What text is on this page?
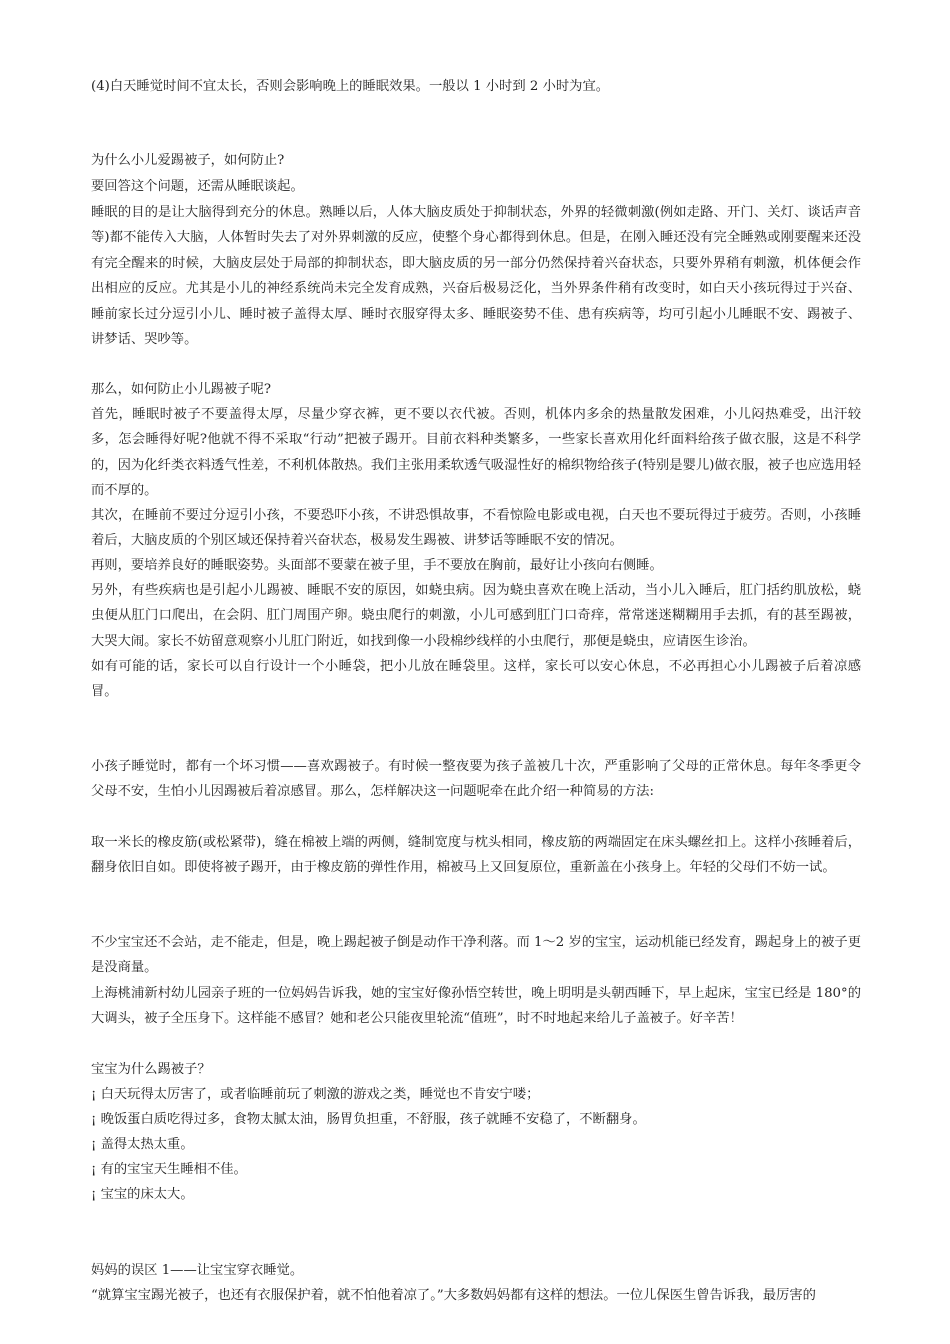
(4)白天睡觉时间不宜太长，否则会影响晚上的睡眠效果。一般以 1 小时到 2 小时为宜。

为什么小儿爱踢被子，如何防止?

要回答这个问题，还需从睡眠谈起。

睡眠的目的是让大脑得到充分的休息。熟睡以后，人体大脑皮质处于抑制状态，外界的轻微刺激(例如走路、开门、关灯、谈话声音等)都不能传入大脑，人体暂时失去了对外界刺激的反应，使整个身心都得到休息。但是，在刚入睡还没有完全睡熟或刚要醒来还没有完全醒来的时候，大脑皮层处于局部的抑制状态，即大脑皮质的另一部分仍然保持着兴奋状态，只要外界稍有刺激，机体便会作出相应的反应。尤其是小儿的神经系统尚未完全发育成熟，兴奋后极易泛化，当外界条件稍有改变时，如白天小孩玩得过于兴奋、睡前家长过分逗引小儿、睡时被子盖得太厚、睡时衣服穿得太多、睡眠姿势不佳、患有疾病等，均可引起小儿睡眠不安、踢被子、讲梦话、哭吵等。

那么，如何防止小儿踢被子呢?

首先，睡眠时被子不要盖得太厚，尽量少穿衣裤，更不要以衣代被。否则，机体内多余的热量散发困难，小儿闷热难受，出汗较多，怎会睡得好呢?他就不得不采取“行动”把被子踢开。目前衣料种类繁多，一些家长喜欢用化纤面料给孩子做衣服，这是不科学的，因为化纤类衣料透气性差，不利机体散热。我们主张用柔软透气吸湿性好的棉织物给孩子(特别是婴儿)做衣服，被子也应选用轻而不厚的。

其次，在睡前不要过分逗引小孩，不要恐吓小孩，不讲恐惧故事，不看惊险电影或电视，白天也不要玩得过于疲劳。否则，小孩睡着后，大脑皮质的个别区域还保持着兴奋状态，极易发生踢被、讲梦话等睡眠不安的情况。

再则，要培养良好的睡眠姿势。头面部不要蒙在被子里，手不要放在胸前，最好让小孩向右侧睡。

另外，有些疾病也是引起小儿踢被、睡眠不安的原因，如蛲虫病。因为蛲虫喜欢在晚上活动，当小儿入睡后，肛门括约肌放松，蛲虫便从肛门口爬出，在会阴、肛门周围产卵。蛲虫爬行的刺激，小儿可感到肛门口奇痒，常常迷迷糊糊用手去抓，有的甚至踢被，大哭大闹。家长不妨留意观察小儿肛门附近，如找到像一小段棉纱线样的小虫爬行，那便是蛲虫，应请医生诊治。

如有可能的话，家长可以自行设计一个小睡袋，把小儿放在睡袋里。这样，家长可以安心休息，不必再担心小儿踢被子后着凉感冒。

小孩子睡觉时，都有一个坏习惯——喜欢踢被子。有时候一整夜要为孩子盖被几十次，严重影响了父母的正常休息。每年冬季更令父母不安，生怕小儿因踢被后着凉感冒。那么，怎样解决这一问题呢牵在此介绍一种简易的方法:

取一米长的橡皮筋(或松紧带)，缝在棉被上端的两侧，缝制宽度与枕头相同，橡皮筋的两端固定在床头螺丝扣上。这样小孩睡着后，翻身依旧自如。即使将被子踢开，由于橡皮筋的弹性作用，棉被马上又回复原位，重新盖在小孩身上。年轻的父母们不妨一试。

不少宝宝还不会站，走不能走，但是，晚上踢起被子倒是动作干净利落。而 1～2 岁的宝宝，运动机能已经发育，踢起身上的被子更是没商量。

上海桃浦新村幼儿园亲子班的一位妈妈告诉我，她的宝宝好像孙悟空转世，晚上明明是头朝西睡下，早上起床，宝宝已经是 180°的大调头，被子全压身下。这样能不感冒？她和老公只能夜里轮流“值班”，时不时地起来给儿子盖被子。好辛苦！

宝宝为什么踢被子？

¡ 白天玩得太厉害了，或者临睡前玩了刺激的游戏之类，睡觉也不肯安宁喽；

¡ 晚饭蛋白质吃得过多，食物太腻太油，肠胃负担重，不舒服，孩子就睡不安稳了，不断翻身。

¡ 盖得太热太重。

¡ 有的宝宝天生睡相不佳。

¡ 宝宝的床太大。

妈妈的误区 1——让宝宝穿衣睡觉。

“就算宝宝踢光被子，也还有衣服保护着，就不怕他着凉了。”大多数妈妈都有这样的想法。一位儿保医生曾告诉我，最厉害的
